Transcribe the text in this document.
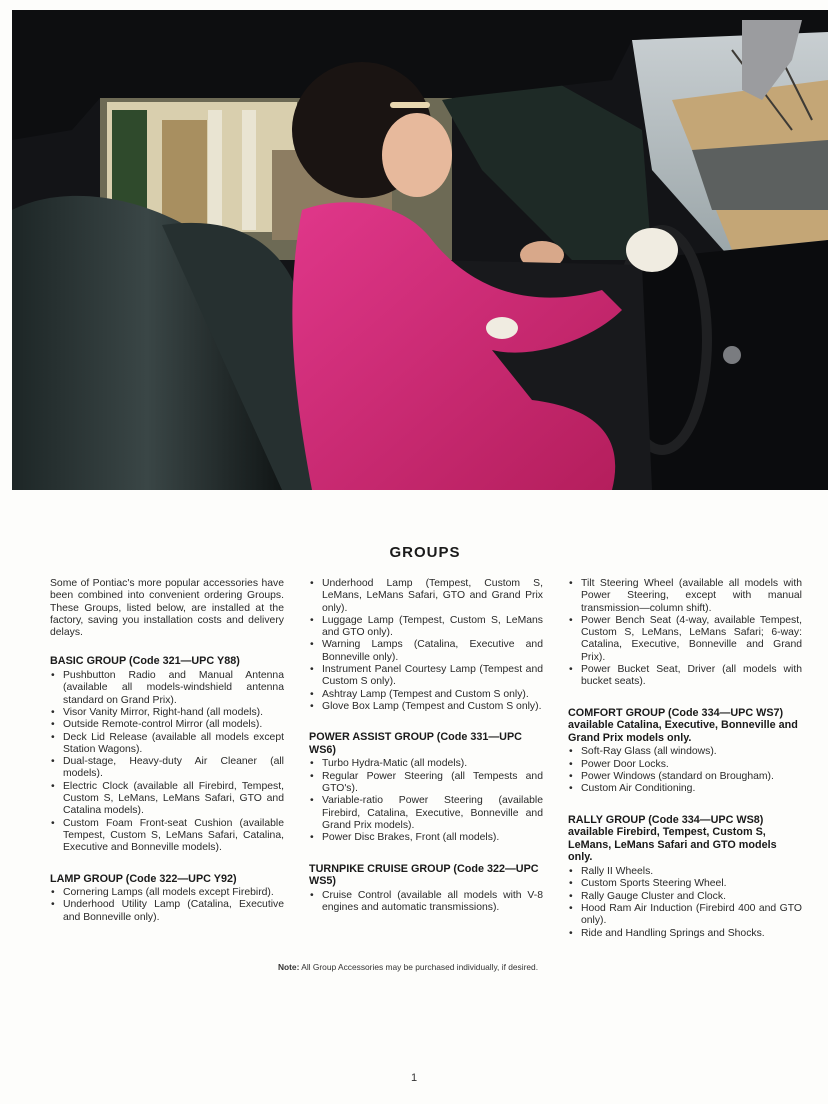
GROUPS

Some of Pontiac's more popular accessories have been combined into convenient ordering Groups. These Groups, listed below, are installed at the factory, saving you installation costs and delivery delays.

BASIC GROUP (Code 321—UPC Y88)
• Pushbutton Radio and Manual Antenna (available all models-windshield antenna standard on Grand Prix).
• Visor Vanity Mirror, Right-hand (all models).
• Outside Remote-control Mirror (all models).
• Deck Lid Release (available all models except Station Wagons).
• Dual-stage, Heavy-duty Air Cleaner (all models).
• Electric Clock (available all Firebird, Tempest, Custom S, LeMans, LeMans Safari, GTO and Catalina models).
• Custom Foam Front-seat Cushion (available Tempest, Custom S, LeMans Safari, Catalina, Executive and Bonneville models).
LAMP GROUP (Code 322—UPC Y92)
• Cornering Lamps (all models except Firebird).
• Underhood Utility Lamp (Catalina, Executive and Bonneville only).
• Underhood Lamp (Tempest, Custom S, LeMans, LeMans Safari, GTO and Grand Prix only).
• Luggage Lamp (Tempest, Custom S, LeMans and GTO only).
• Warning Lamps (Catalina, Executive and Bonneville only).
• Instrument Panel Courtesy Lamp (Tempest and Custom S only).
• Ashtray Lamp (Tempest and Custom S only).
• Glove Box Lamp (Tempest and Custom S only).
POWER ASSIST GROUP (Code 331—UPC WS6)
• Turbo Hydra-Matic (all models).
• Regular Power Steering (all Tempests and GTO's).
• Variable-ratio Power Steering (available Firebird, Catalina, Executive, Bonneville and Grand Prix models).
• Power Disc Brakes, Front (all models).
TURNPIKE CRUISE GROUP (Code 322—UPC WS5)
• Cruise Control (available all models with V-8 engines and automatic transmissions).
• Tilt Steering Wheel (available all models with Power Steering, except with manual transmission—column shift).
• Power Bench Seat (4-way, available Tempest, Custom S, LeMans, LeMans Safari; 6-way: Catalina, Executive, Bonneville and Grand Prix).
• Power Bucket Seat, Driver (all models with bucket seats).
COMFORT GROUP (Code 334—UPC WS7) available Catalina, Executive, Bonneville and Grand Prix models only.
• Soft-Ray Glass (all windows).
• Power Door Locks.
• Power Windows (standard on Brougham).
• Custom Air Conditioning.
RALLY GROUP (Code 334—UPC WS8) available Firebird, Tempest, Custom S, LeMans, LeMans Safari and GTO models only.
• Rally II Wheels.
• Custom Sports Steering Wheel.
• Rally Gauge Cluster and Clock.
• Hood Ram Air Induction (Firebird 400 and GTO only).
• Ride and Handling Springs and Shocks.
Note: All Group Accessories may be purchased individually, if desired.
1
